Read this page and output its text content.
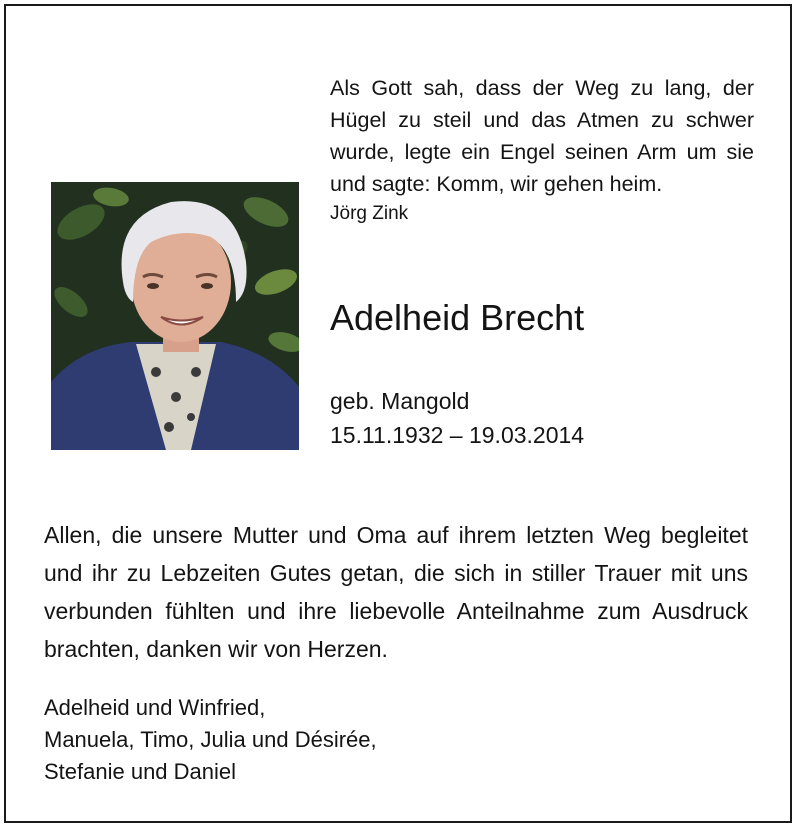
Als Gott sah, dass der Weg zu lang, der Hügel zu steil und das Atmen zu schwer wurde, legte ein Engel seinen Arm um sie und sagte: Komm, wir gehen heim.

Jörg Zink
Adelheid Brecht
geb. Mangold
15.11.1932 – 19.03.2014

Allen, die unsere Mutter und Oma auf ihrem letzten Weg begleitet und ihr zu Lebzeiten Gutes getan, die sich in stiller Trauer mit uns verbunden fühlten und ihre liebevolle Anteilnahme zum Ausdruck brachten, danken wir von Herzen.

Adelheid und Winfried,
Manuela, Timo, Julia und Désirée,
Stefanie und Daniel
